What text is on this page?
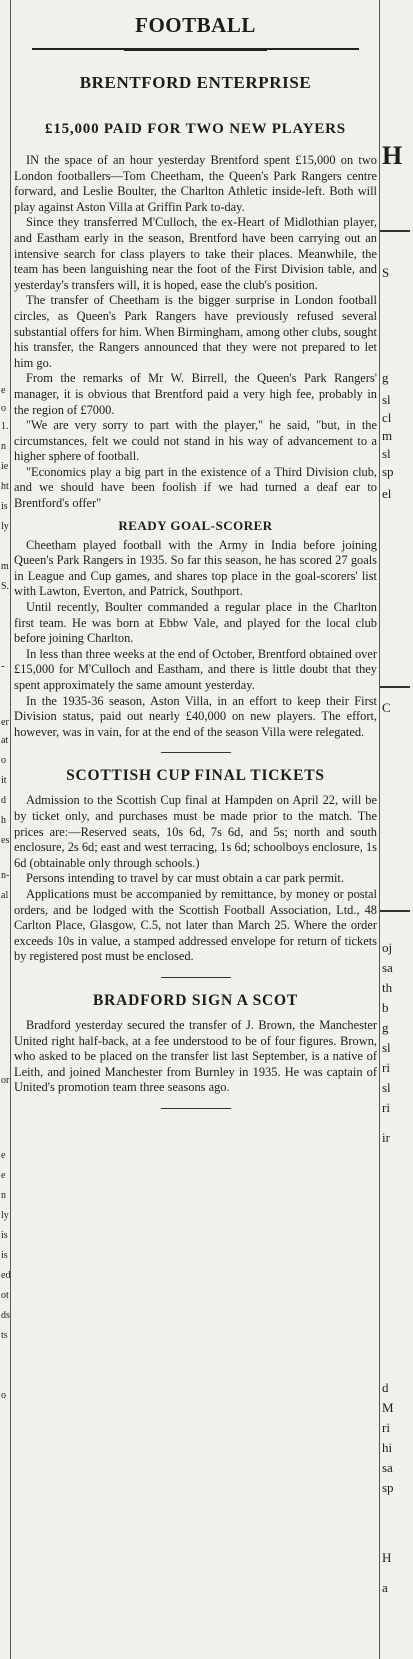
e
o
1.
n
ie
ht
is
ly
m
S.
-
er
at
o
it
d
h
es
n-
al
or
e
e
n
ly
is
is
ed
ot
ds
ts
o
H
S
g
sl
cl
m
sl
sp
el
C
oj
sa
th
b
g
sl
ri
sl
ri
ir
d
M
ri
hi
sa
sp
H
a
FOOTBALL
BRENTFORD ENTERPRISE
£15,000 PAID FOR TWO NEW PLAYERS

IN the space of an hour yesterday Brentford spent £15,000 on two London footballers—Tom Cheetham, the Queen's Park Rangers centre forward, and Leslie Boulter, the Charlton Athletic inside-left. Both will play against Aston Villa at Griffin Park to-day.

Since they transferred M'Culloch, the ex-Heart of Midlothian player, and Eastham early in the season, Brentford have been carrying out an intensive search for class players to take their places. Meanwhile, the team has been languishing near the foot of the First Division table, and yesterday's transfers will, it is hoped, ease the club's position.

The transfer of Cheetham is the bigger surprise in London football circles, as Queen's Park Rangers have previously refused several substantial offers for him. When Birmingham, among other clubs, sought his transfer, the Rangers announced that they were not prepared to let him go.

From the remarks of Mr W. Birrell, the Queen's Park Rangers' manager, it is obvious that Brentford paid a very high fee, probably in the region of £7000.

"We are very sorry to part with the player," he said, "but, in the circumstances, felt we could not stand in his way of advancement to a higher sphere of football.

"Economics play a big part in the existence of a Third Division club, and we should have been foolish if we had turned a deaf ear to Brentford's offer"

READY GOAL-SCORER

Cheetham played football with the Army in India before joining Queen's Park Rangers in 1935. So far this season, he has scored 27 goals in League and Cup games, and shares top place in the goal-scorers' list with Lawton, Everton, and Patrick, Southport.

Until recently, Boulter commanded a regular place in the Charlton first team. He was born at Ebbw Vale, and played for the local club before joining Charlton.

In less than three weeks at the end of October, Brentford obtained over £15,000 for M'Culloch and Eastham, and there is little doubt that they spent approximately the same amount yesterday.

In the 1935-36 season, Aston Villa, in an effort to keep their First Division status, paid out nearly £40,000 on new players. The effort, however, was in vain, for at the end of the season Villa were relegated.

SCOTTISH CUP FINAL TICKETS

Admission to the Scottish Cup final at Hampden on April 22, will be by ticket only, and purchases must be made prior to the match. The prices are:—Reserved seats, 10s 6d, 7s 6d, and 5s; north and south enclosure, 2s 6d; east and west terracing, 1s 6d; schoolboys enclosure, 1s 6d (obtainable only through schools.)

Persons intending to travel by car must obtain a car park permit.

Applications must be accompanied by remittance, by money or postal orders, and be lodged with the Scottish Football Association, Ltd., 48 Carlton Place, Glasgow, C.5, not later than March 25. Where the order exceeds 10s in value, a stamped addressed envelope for return of tickets by registered post must be enclosed.

BRADFORD SIGN A SCOT

Bradford yesterday secured the transfer of J. Brown, the Manchester United right half-back, at a fee understood to be of four figures. Brown, who asked to be placed on the transfer list last September, is a native of Leith, and joined Manchester from Burnley in 1935. He was captain of United's promotion team three seasons ago.
